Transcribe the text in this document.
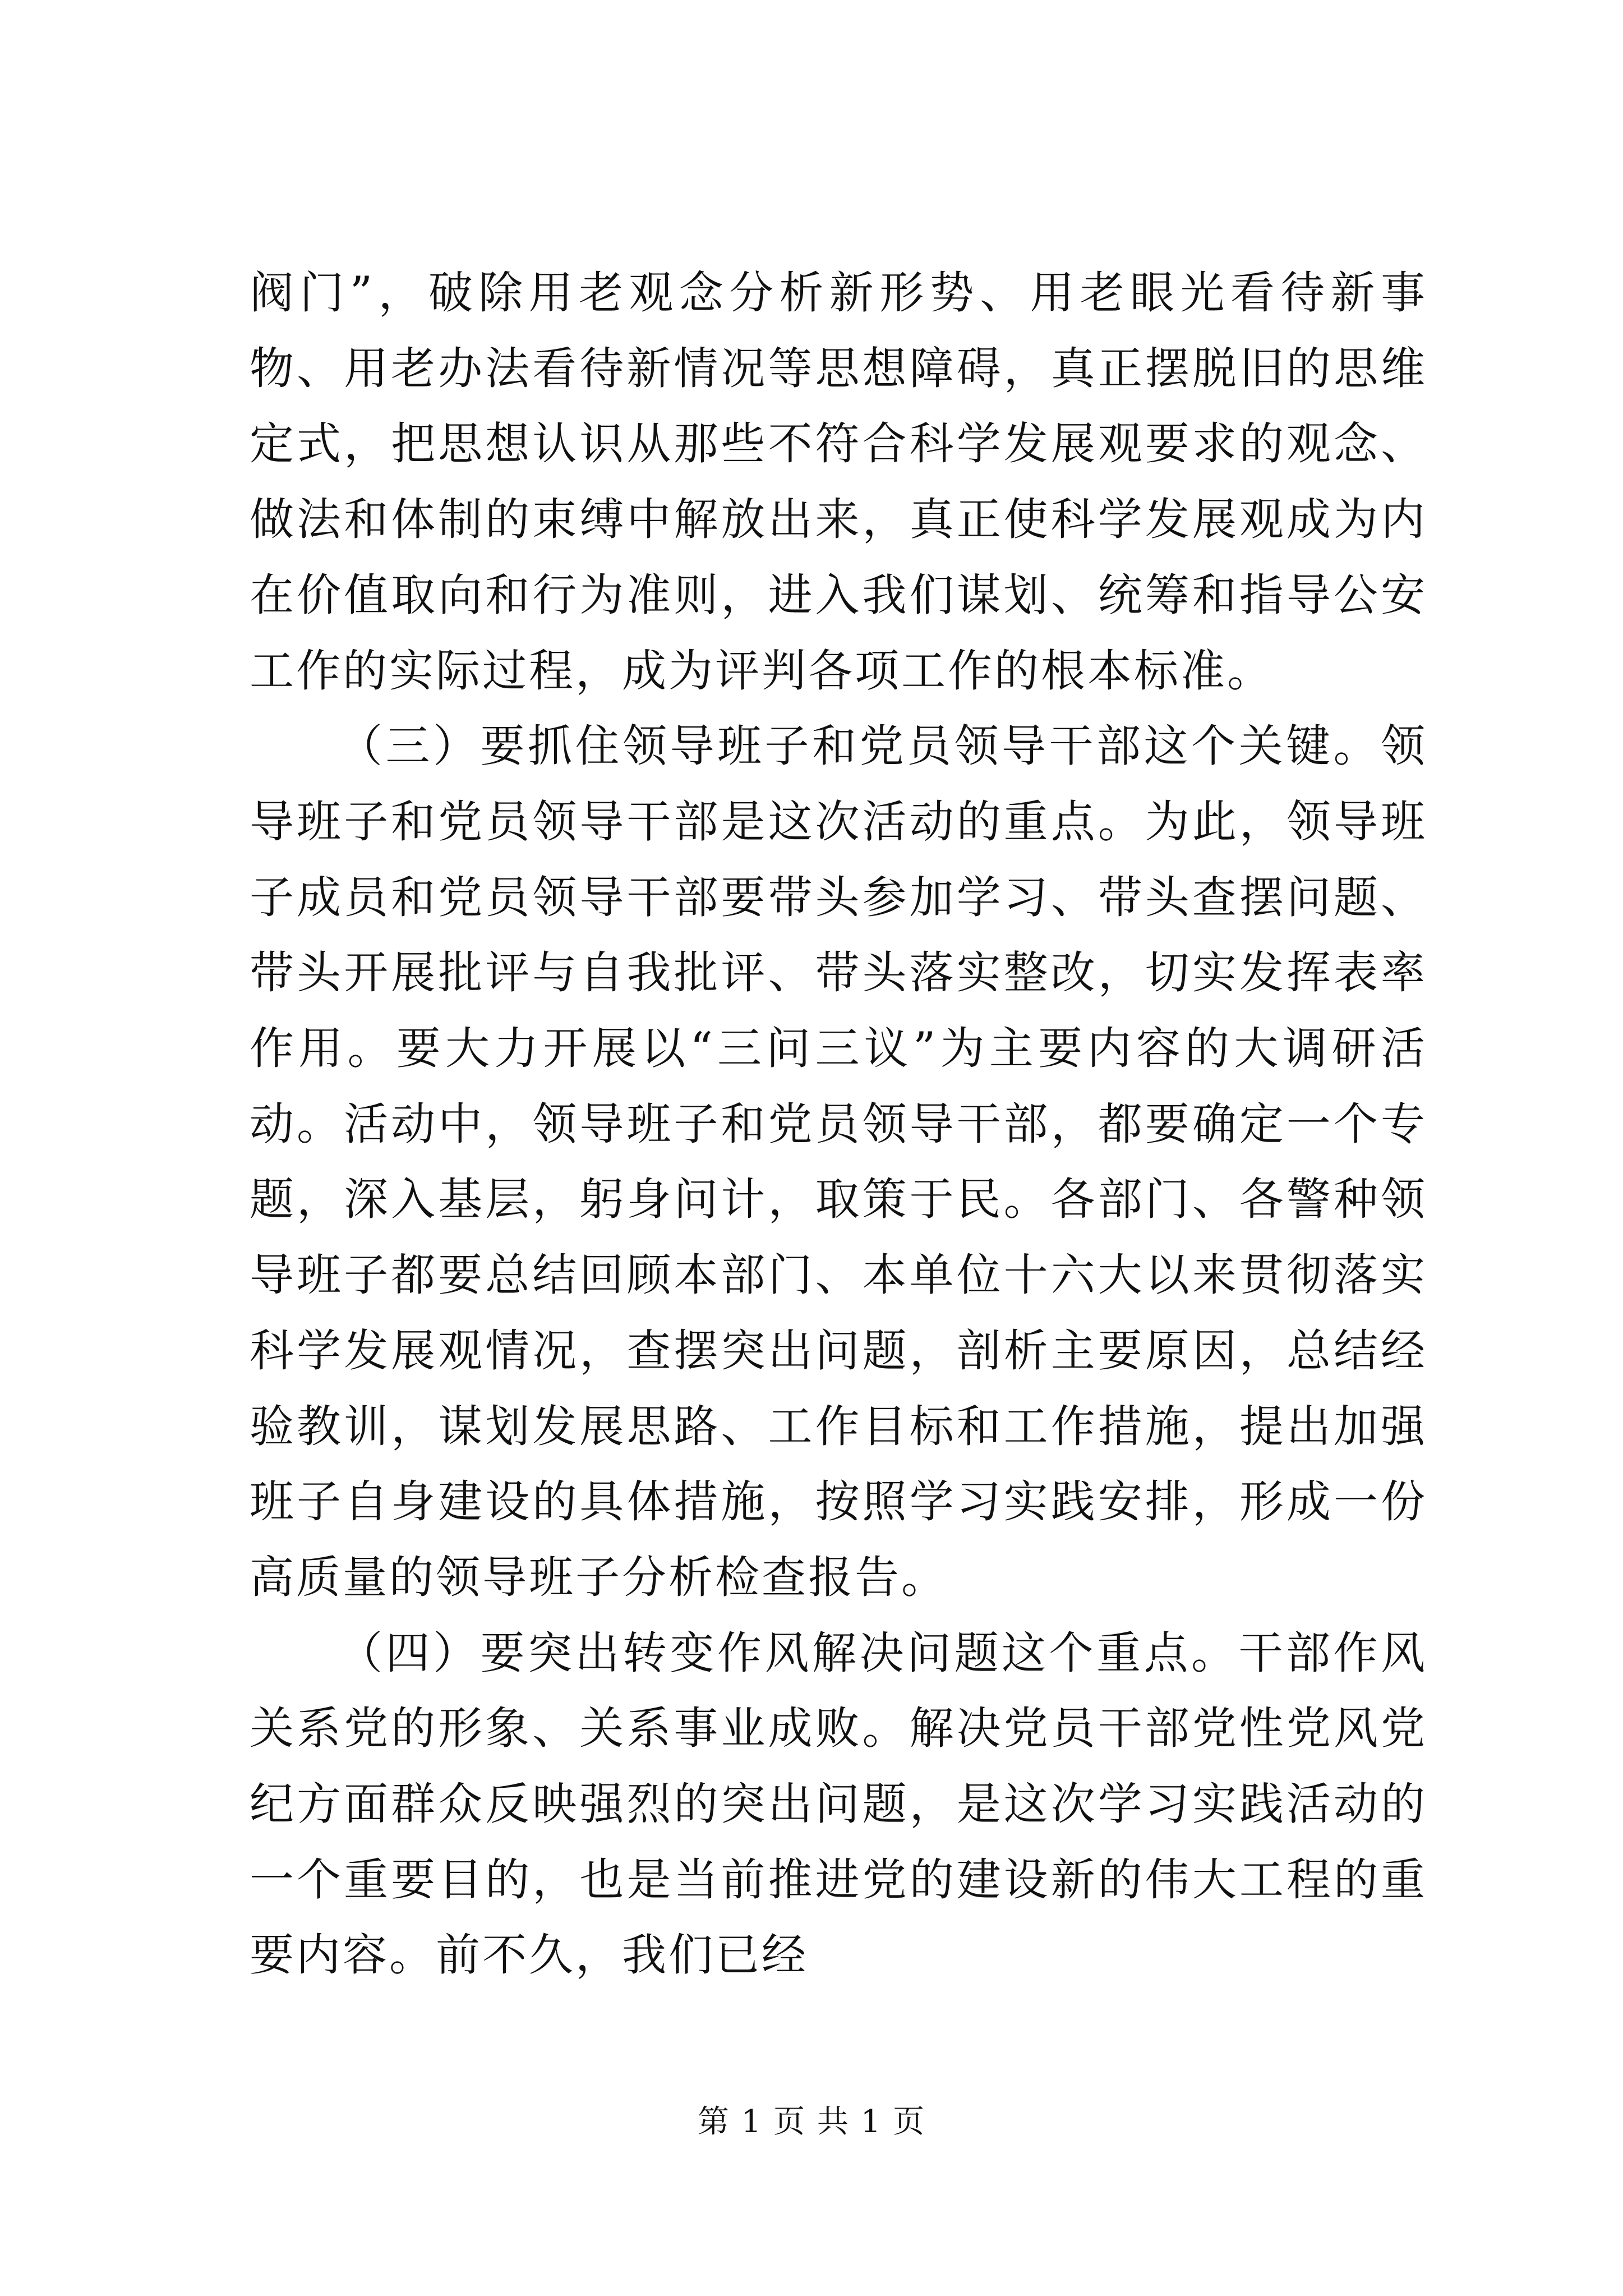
阀门”，破除用老观念分析新形势、用老眼光看待新事物、用老办法看待新情况等思想障碍，真正摆脱旧的思维定式，把思想认识从那些不符合科学发展观要求的观念、做法和体制的束缚中解放出来，真正使科学发展观成为内在价值取向和行为准则，进入我们谋划、统筹和指导公安工作的实际过程，成为评判各项工作的根本标准。

（三）要抓住领导班子和党员领导干部这个关键。领导班子和党员领导干部是这次活动的重点。为此，领导班子成员和党员领导干部要带头参加学习、带头查摆问题、带头开展批评与自我批评、带头落实整改，切实发挥表率作用。要大力开展以“三问三议”为主要内容的大调研活动。活动中，领导班子和党员领导干部，都要确定一个专题，深入基层，躬身问计，取策于民。各部门、各警种领导班子都要总结回顾本部门、本单位十六大以来贯彻落实科学发展观情况，查摆突出问题，剖析主要原因，总结经验教训，谋划发展思路、工作目标和工作措施，提出加强班子自身建设的具体措施，按照学习实践安排，形成一份高质量的领导班子分析检查报告。

（四）要突出转变作风解决问题这个重点。干部作风关系党的形象、关系事业成败。解决党员干部党性党风党纪方面群众反映强烈的突出问题，是这次学习实践活动的一个重要目的，也是当前推进党的建设新的伟大工程的重要内容。前不久，我们已经

第 1 页 共 1 页
